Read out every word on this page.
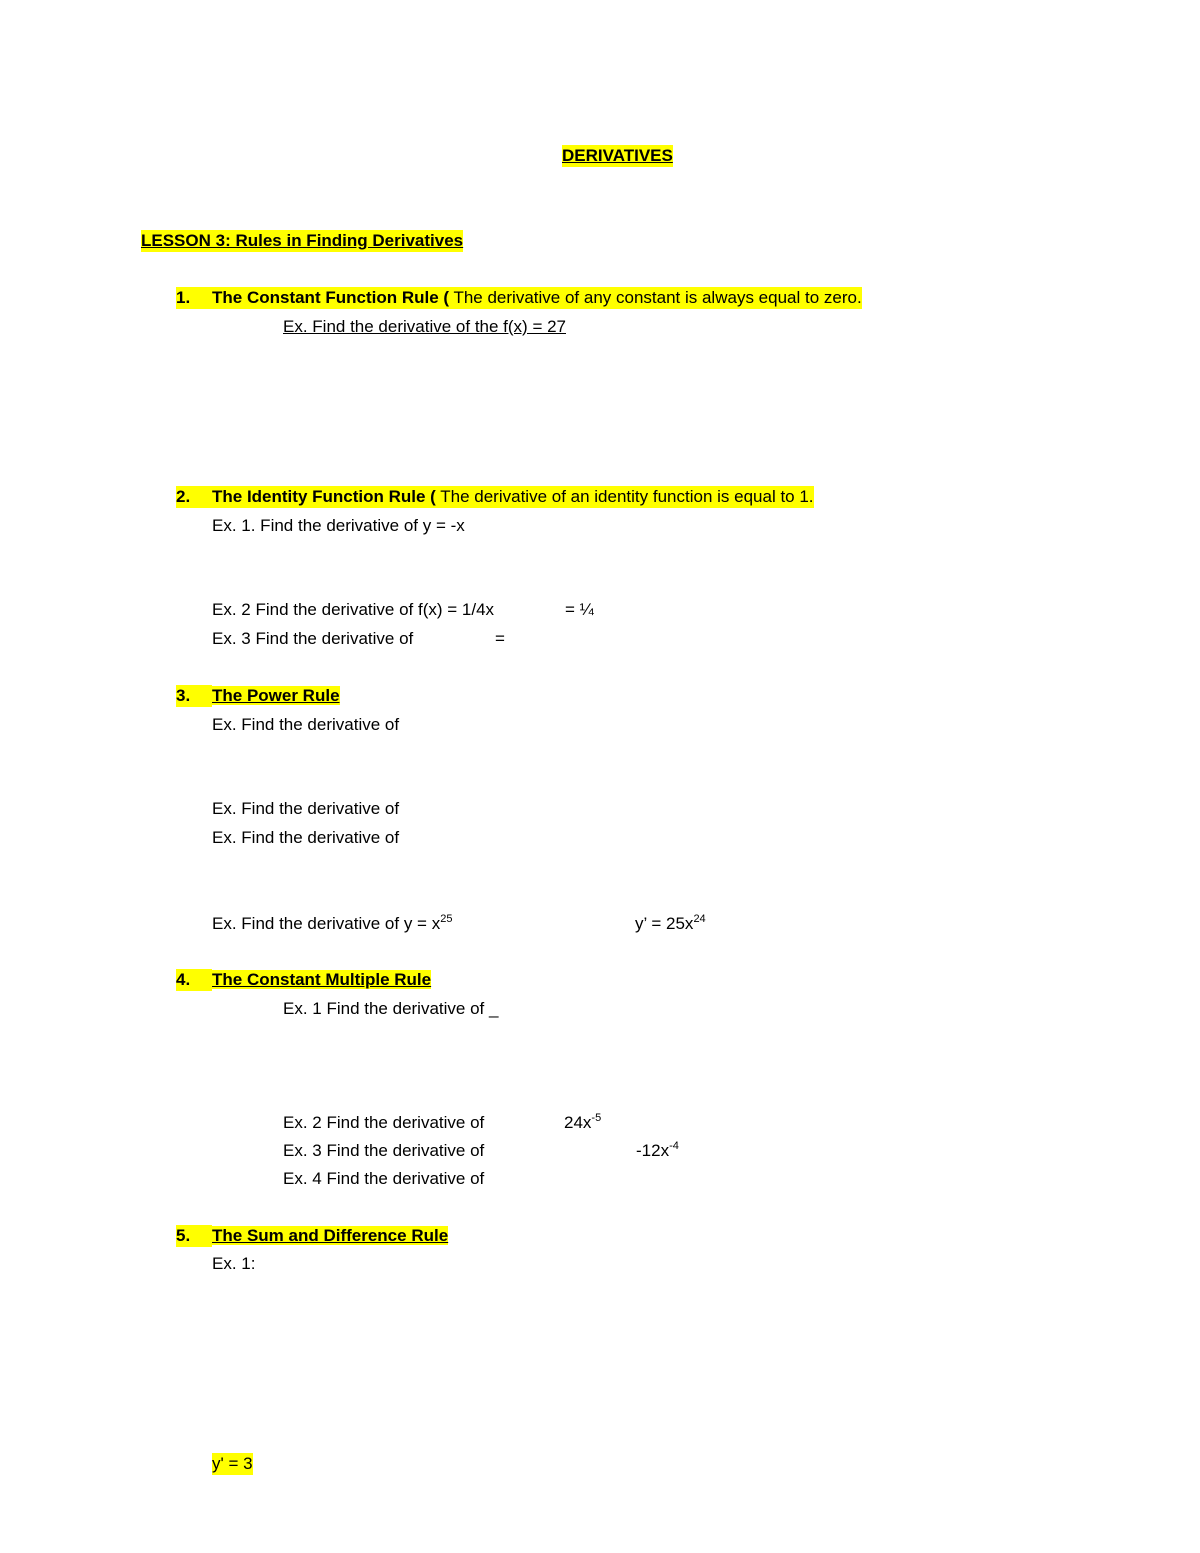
DERIVATIVES
LESSON 3: Rules in Finding Derivatives
1. The Constant Function Rule ( The derivative of any constant is always equal to zero.
Ex. Find the derivative of the f(x) = 27
2. The Identity Function Rule ( The derivative of an identity function is equal to 1.
Ex. 1. Find the derivative of y = -x
Ex. 2 Find the derivative of f(x) = 1/4x	= ¼
Ex. 3 Find the derivative of	=
3. The Power Rule
Ex. Find the derivative of
Ex. Find the derivative of
Ex. Find the derivative of
Ex. Find the derivative of $y = x^{25}$	y’ = $25x^{24}$
4. The Constant Multiple Rule
Ex. 1 Find the derivative of _
Ex. 2 Find the derivative of	$24x^{-5}$
Ex. 3 Find the derivative of	$-12x^{-4}$
Ex. 4 Find the derivative of
5. The Sum and Difference Rule
Ex. 1:
y' = 3
